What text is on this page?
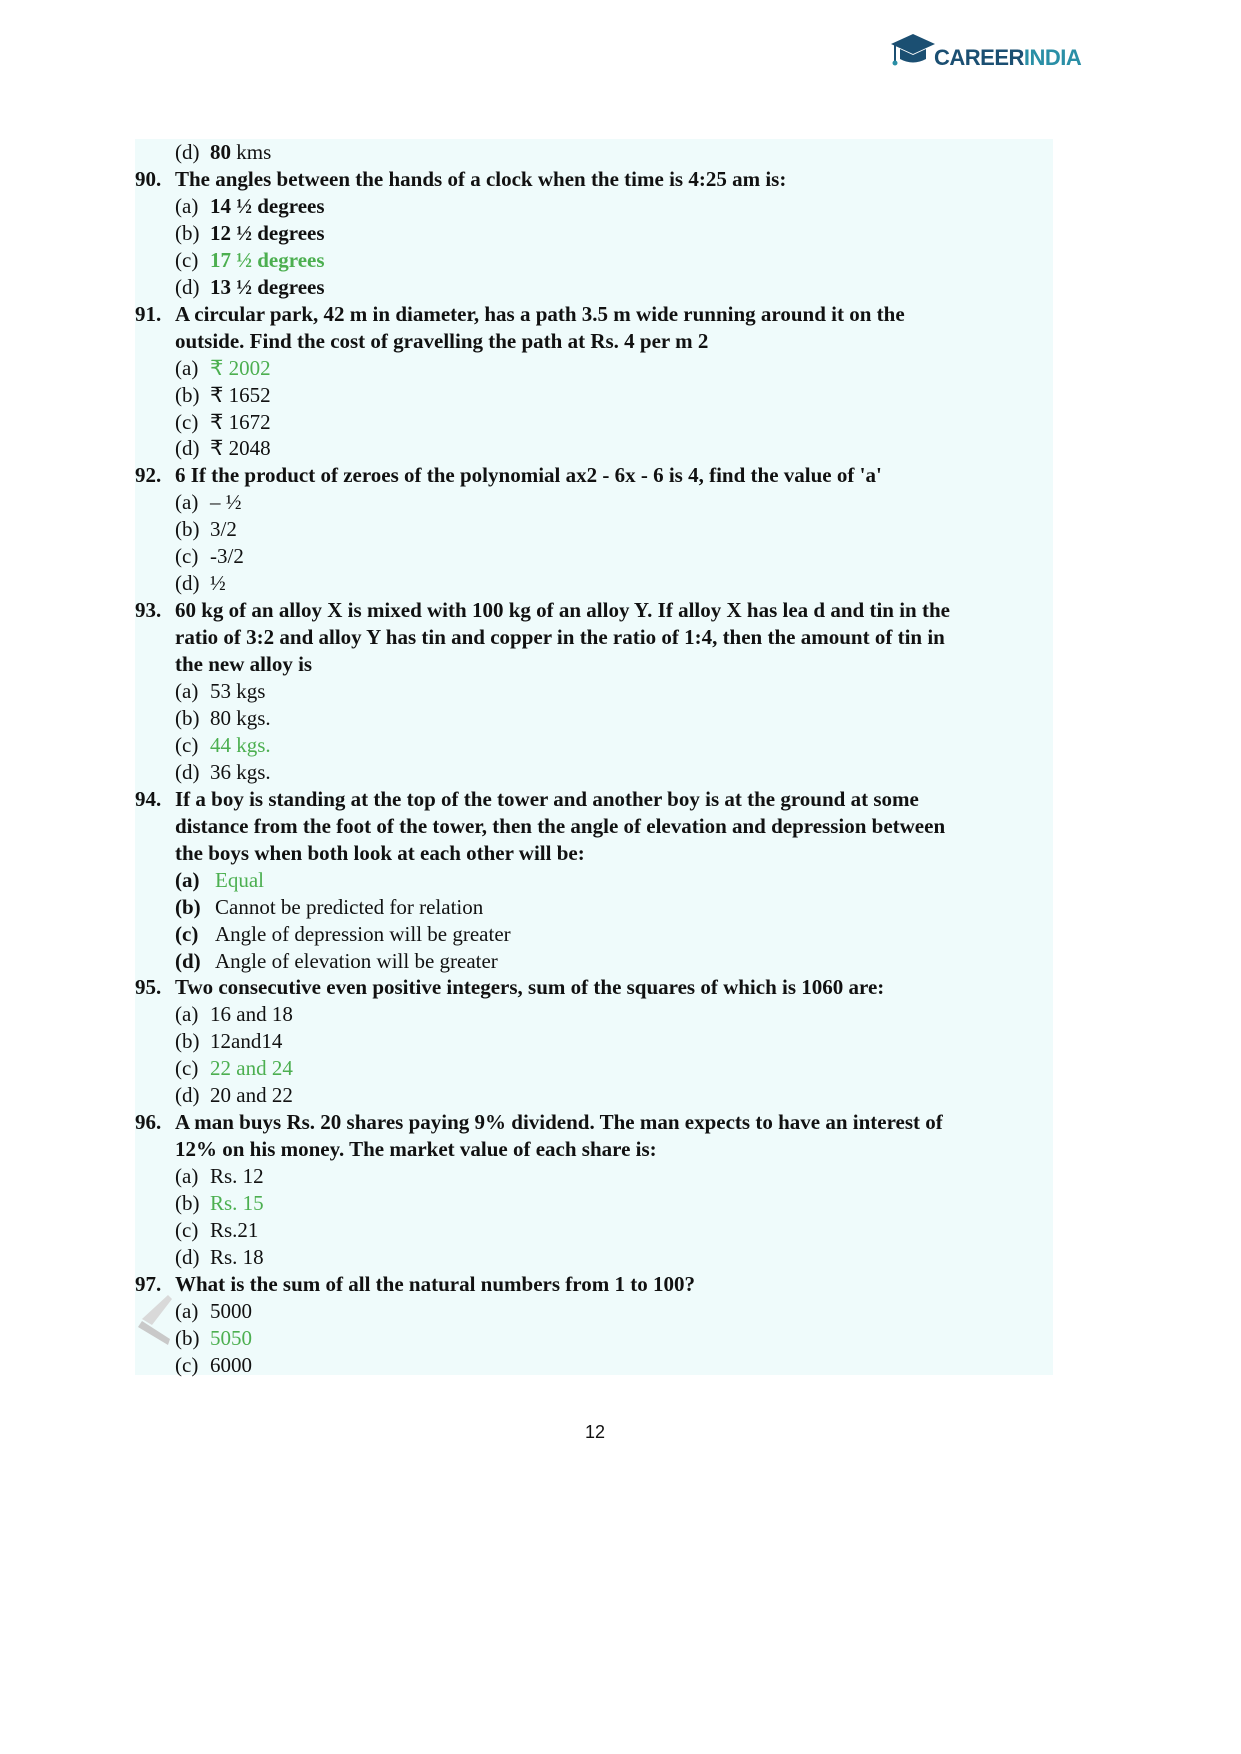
CAREERINDIA
(d) 80 kms
90. The angles between the hands of a clock when the time is 4:25 am is:
(a) 14 ½ degrees
(b) 12 ½ degrees
(c) 17 ½ degrees
(d) 13 ½ degrees
91. A circular park, 42 m in diameter, has a path 3.5 m wide running around it on the
outside. Find the cost of gravelling the path at Rs. 4 per m 2
(a) ₹ 2002
(b) ₹ 1652
(c) ₹ 1672
(d) ₹ 2048
92. 6 If the product of zeroes of the polynomial ax2 - 6x - 6 is 4, find the value of 'a'
(a) – ½
(b) 3/2
(c) -3/2
(d) ½
93. 60 kg of an alloy X is mixed with 100 kg of an alloy Y. If alloy X has lea d and tin in the
ratio of 3:2 and alloy Y has tin and copper in the ratio of 1:4, then the amount of tin in
the new alloy is
(a) 53 kgs
(b) 80 kgs.
(c) 44 kgs.
(d) 36 kgs.
94. If a boy is standing at the top of the tower and another boy is at the ground at some
distance from the foot of the tower, then the angle of elevation and depression between
the boys when both look at each other will be:
(a) Equal
(b) Cannot be predicted for relation
(c) Angle of depression will be greater
(d) Angle of elevation will be greater
95. Two consecutive even positive integers, sum of the squares of which is 1060 are:
(a) 16 and 18
(b) 12and14
(c) 22 and 24
(d) 20 and 22
96. A man buys Rs. 20 shares paying 9% dividend. The man expects to have an interest of
12% on his money. The market value of each share is:
(a) Rs. 12
(b) Rs. 15
(c) Rs.21
(d) Rs. 18
97. What is the sum of all the natural numbers from 1 to 100?
(a) 5000
(b) 5050
(c) 6000
12
